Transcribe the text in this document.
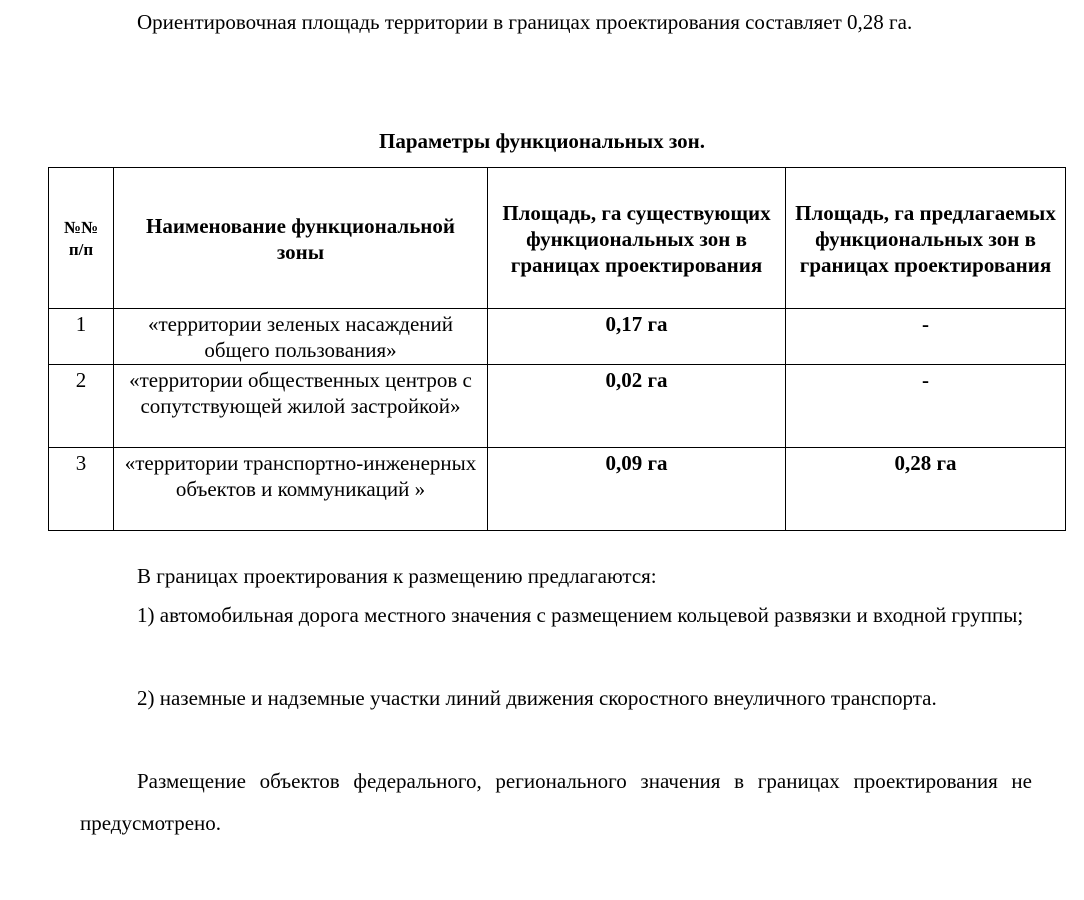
Ориентировочная площадь территории в границах проектирования составляет 0,28 га.

Параметры функциональных зон.

№№ п/п	Наименование функциональной зоны	Площадь, га существующих функциональных зон в границах проектирования	Площадь, га предлагаемых функциональных зон в границах проектирования
1	«территории зеленых насаждений общего пользования»	0,17 га	-
2	«территории общественных центров с сопутствующей жилой застройкой»	0,02 га	-
3	«территории транспортно-инженерных объектов и коммуникаций »	0,09 га	0,28 га

В границах проектирования к размещению предлагаются:

1) автомобильная дорога местного значения с размещением кольцевой развязки и входной группы;

2) наземные и надземные участки линий движения скоростного внеуличного транспорта.

Размещение объектов федерального, регионального значения в границах проектирования не предусмотрено.
